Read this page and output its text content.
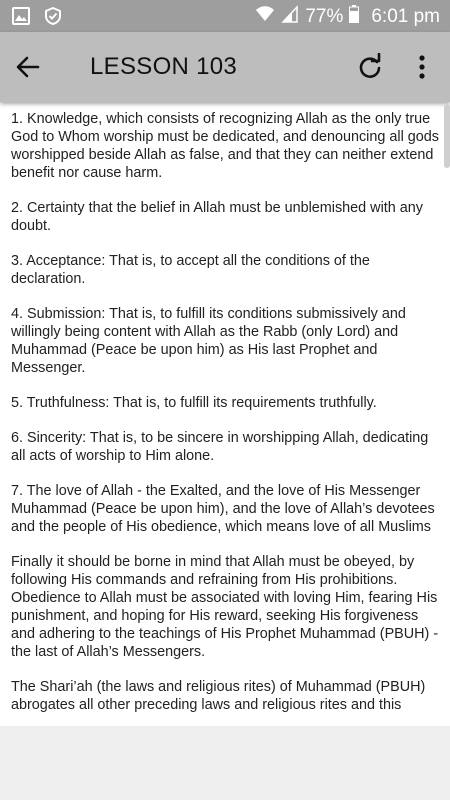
77% 6:01 pm
LESSON 103

1. Knowledge, which consists of recognizing Allah as the only true God to Whom worship must be dedicated, and denouncing all gods worshipped beside Allah as false, and that they can neither extend benefit nor cause harm.

2. Certainty that the belief in Allah must be unblemished with any doubt.

3. Acceptance: That is, to accept all the conditions of the declaration.

4. Submission: That is, to fulfill its conditions submissively and willingly being content with Allah as the Rabb (only Lord) and Muhammad (Peace be upon him) as His last Prophet and Messenger.

5. Truthfulness: That is, to fulfill its requirements truthfully.

6. Sincerity: That is, to be sincere in worshipping Allah, dedicating all acts of worship to Him alone.

7. The love of Allah - the Exalted, and the love of His Messenger Muhammad (Peace be upon him), and the love of Allah’s devotees and the people of His obedience, which means love of all Muslims

Finally it should be borne in mind that Allah must be obeyed, by following His commands and refraining from His prohibitions. Obedience to Allah must be associated with loving Him, fearing His punishment, and hoping for His reward, seeking His forgiveness and adhering to the teachings of His Prophet Muhammad (PBUH) - the last of Allah’s Messengers.

The Shari’ah (the laws and religious rites) of Muhammad (PBUH) abrogates all other preceding laws and religious rites and this
